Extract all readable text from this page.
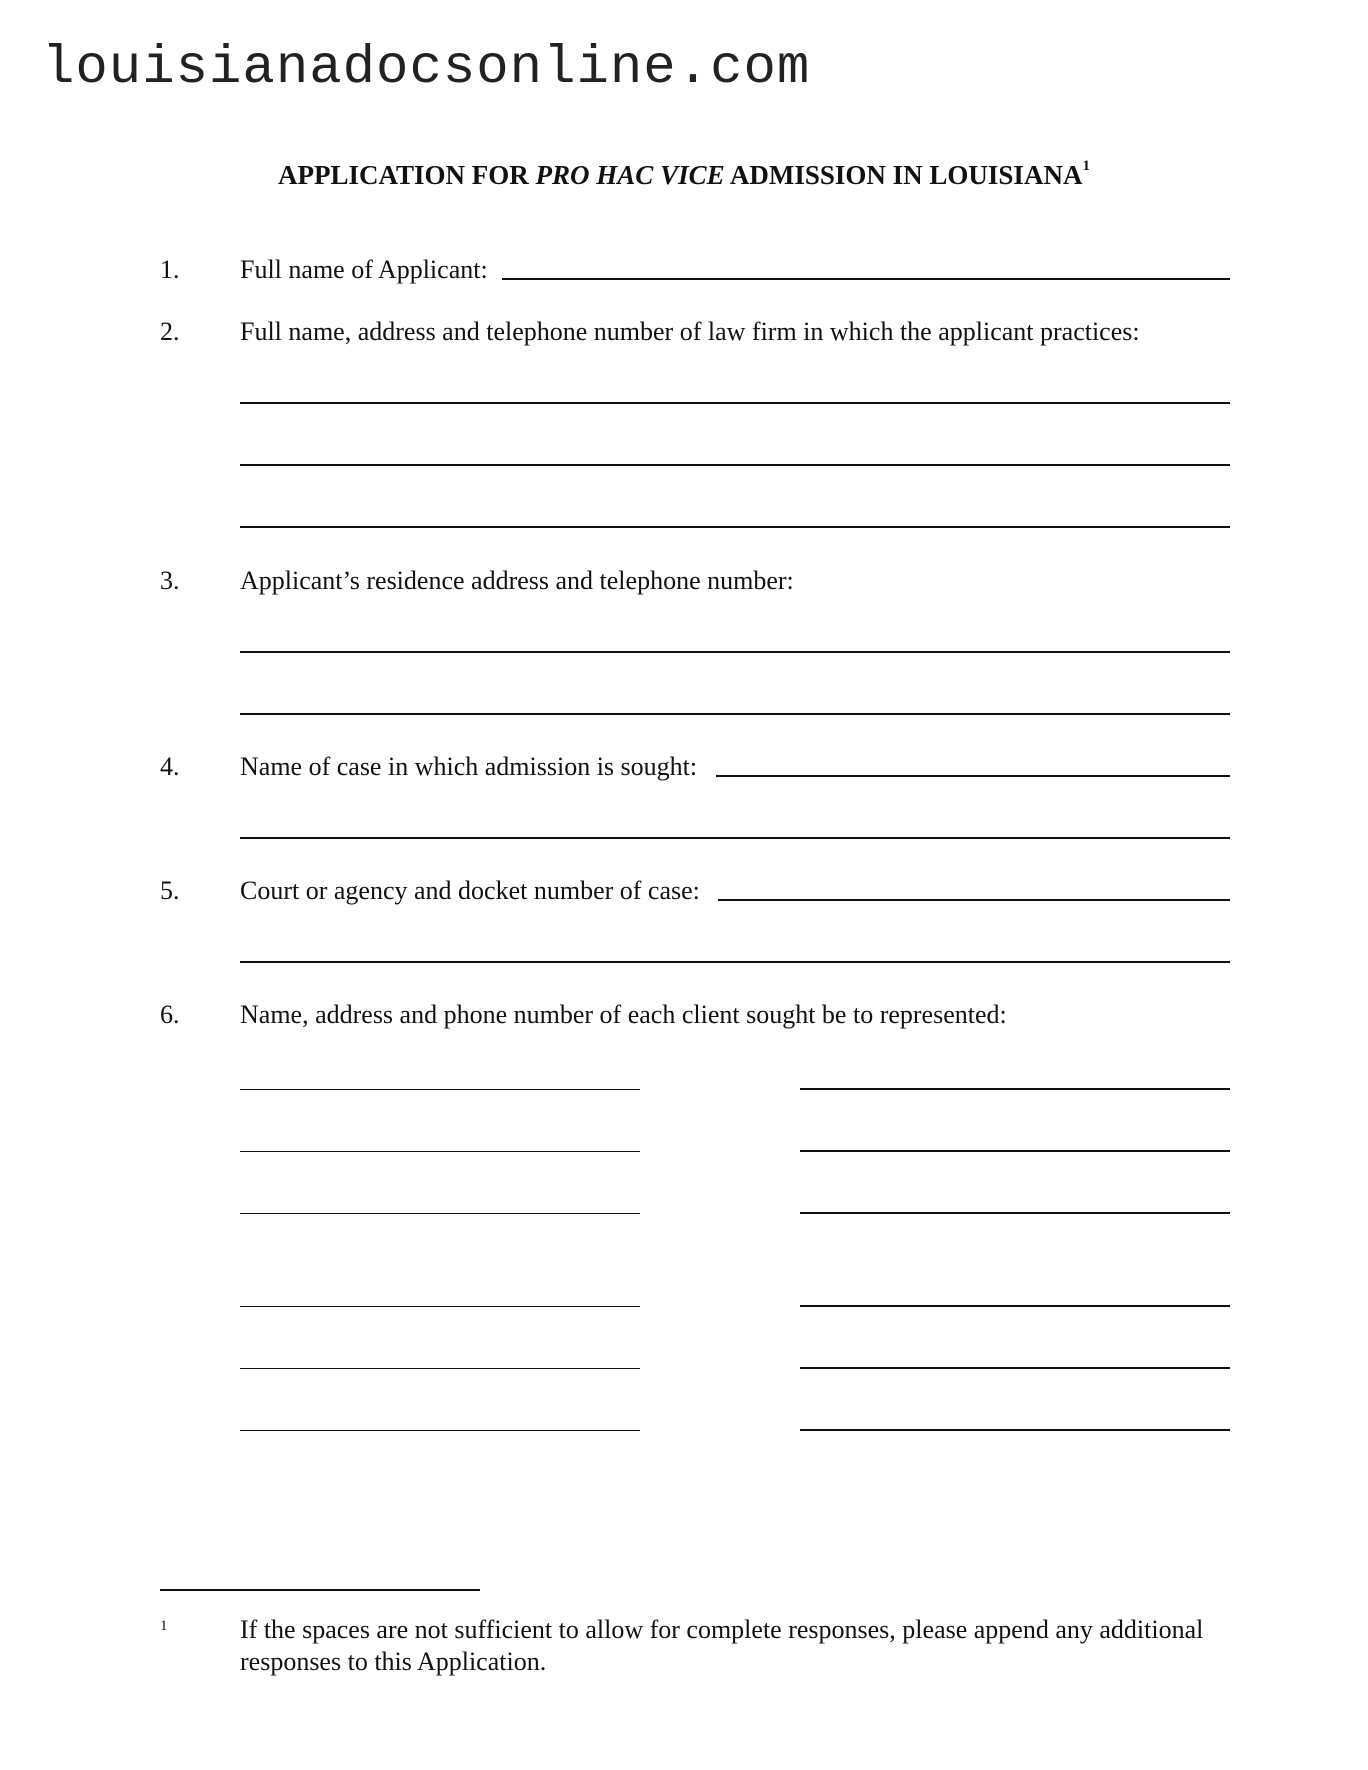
louisianadocsonline.com
APPLICATION FOR PRO HAC VICE ADMISSION IN LOUISIANA$^1$
1. Full name of Applicant:
2. Full name, address and telephone number of law firm in which the applicant practices:
3. Applicant’s residence address and telephone number:
4. Name of case in which admission is sought:
5. Court or agency and docket number of case:
6. Name, address and phone number of each client sought be to represented:
1	If the spaces are not sufficient to allow for complete responses, please append any additional responses to this Application.
